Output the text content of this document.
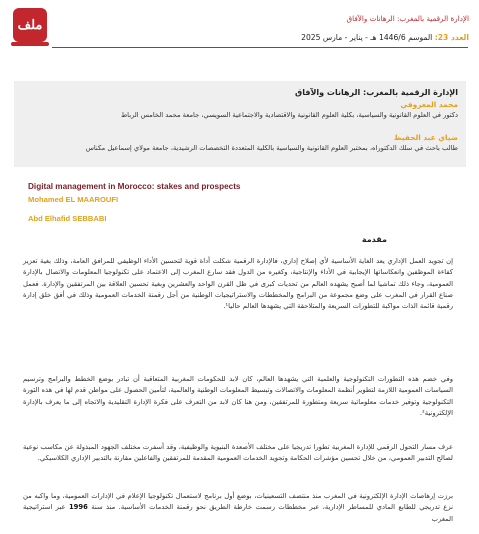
ملف	الإدارة الرقمية بالمغرب: الرهانات والآفاق
العدد 23: الموسم 1446/6 هـ - يناير - مارس 2025
الإدارة الرقمية بالمغرب: الرهانات والآفاق
محمد المعروفي
دكتور في العلوم القانونية والسياسية، بكلية العلوم القانونية والاقتصادية والاجتماعية السويسي، جامعة محمد الخامس الرباط
ضياي عبد الحفيظ
طالب باحث في سلك الدكتوراه، بمختبر العلوم القانونية والسياسية بالكلية المتعددة التخصصات الرشيدية، جامعة مولاي إسماعيل مكناس
Digital management in Morocco: stakes and prospects
Mohamed EL MAAROUFI
Abd Elhafid SEBBABI
مقدمة
إن تجويد العمل الإداري يعد الغاية الأساسية لأي إصلاح إداري، فالإدارة الرقمية شكلت أداة قوية لتحسين الأداء الوظيفي للمرافق العامة، وذلك بغية تعزيز كفاءة الموظفين وانعكاساتها الإيجابية في الأداء والإنتاجية، وكغيره من الدول فقد سارع المغرب إلى الاعتماد على تكنولوجيا المعلومات والاتصال بالإدارة العمومية، وجاء ذلك تماشيا لما أصبح يشهده العالم من تحديات كبرى في ظل القرن الواحد والعشرين وبغية تحسين العلاقة بين المرتفقين والإدارة. فعمل صناع القرار في المغرب على وضع مجموعة من البرامج والمخططات والاستراتيجيات الوطنية من أجل رقمنة الخدمات العمومية وذلك في أفق خلق إدارة رقمية قائمة الذات مواكبة للتطورات السريعة والمتلاحقة التي يشهدها العالم حاليا¹.
وفي خضم هذه التطورات التكنولوجية والعلمية التي يشهدها العالم، كان لابد للحكومات المغربية المتعاقبة أن تبادر بوضع الخطط والبرامج وترسيم السياسات العمومية اللازمة لتطوير أنظمة المعلومات والاتصالات وتبسيط المعلومات الوطنية والعالمية، لتأمين الحصول على مواطن قدم لها في هذه الثورة التكنولوجية وتوفير خدمات معلوماتية سريعة ومتطورة للمرتفقين، ومن هنا كان لابد من التعرف على فكرة الإدارة التقليدية والاتجاه إلى ما يعرف بالإدارة الإلكترونية².
عرف مسار التحول الرقمي للإدارة المغربية تطورا تدريجيا على مختلف الأصعدة البنيوية والوظيفية، وقد أسفرت مختلف الجهود المبذولة عن مكاسب نوعية لصالح التدبير العمومي، من خلال تحسين مؤشرات الحكامة وتجويد الخدمات العمومية المقدمة للمرتفقين والفاعلين مقارنة بالتدبير الإداري الكلاسيكي.
برزت إرهاصات الإدارة الإلكترونية في المغرب منذ منتصف التسعينيات، بوضع أول برنامج لاستعمال تكنولوجيا الإعلام في الإدارات العمومية، وما واكبه من نزع تدريجي للطابع المادي للمساطر الإدارية، عبر مخططات رسمت خارطة الطريق نحو رقمنة الخدمات الأساسية. منذ سنة 1996 عبر استراتيجية المغرب
